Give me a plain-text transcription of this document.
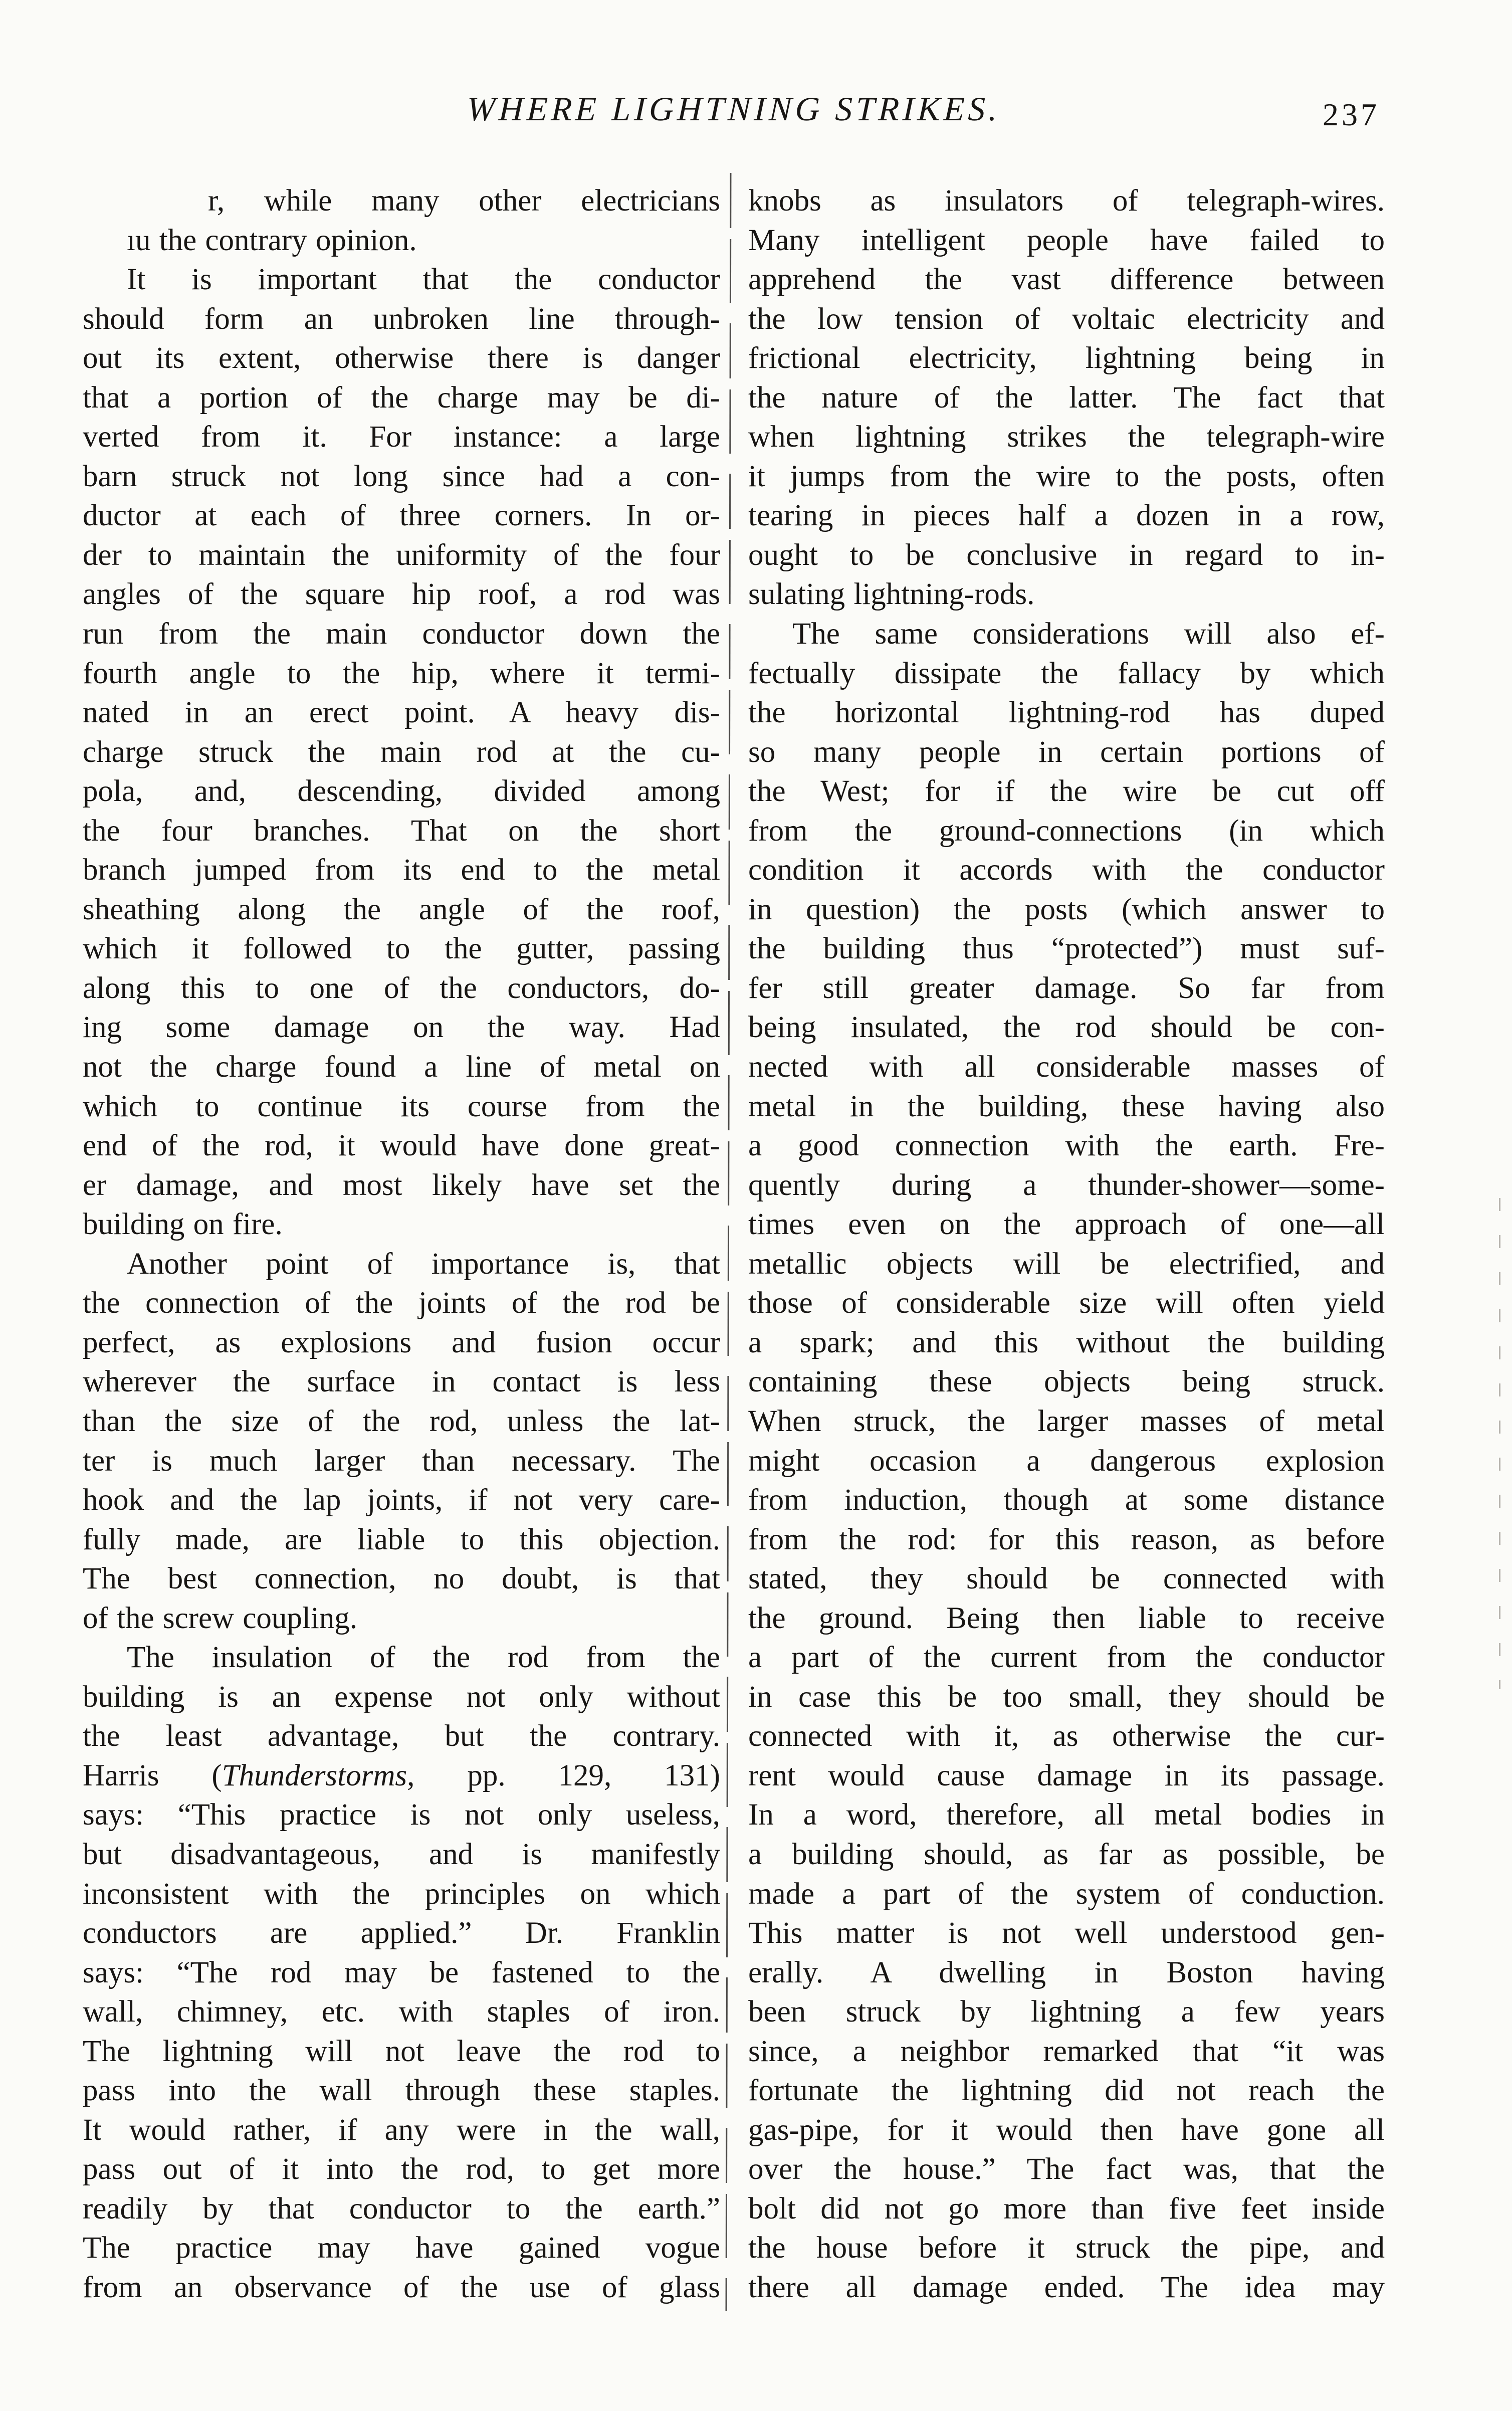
WHERE LIGHTNING STRIKES.	237
r, while many other electricians
ıu the contrary opinion.
It is important that the conductor
should form an unbroken line through-
out its extent, otherwise there is danger
that a portion of the charge may be di-
verted from it. For instance: a large
barn struck not long since had a con-
ductor at each of three corners. In or-
der to maintain the uniformity of the four
angles of the square hip roof, a rod was
run from the main conductor down the
fourth angle to the hip, where it termi-
nated in an erect point. A heavy dis-
charge struck the main rod at the cu-
pola, and, descending, divided among
the four branches. That on the short
branch jumped from its end to the metal
sheathing along the angle of the roof,
which it followed to the gutter, passing
along this to one of the conductors, do-
ing some damage on the way. Had
not the charge found a line of metal on
which to continue its course from the
end of the rod, it would have done great-
er damage, and most likely have set the
building on fire.
Another point of importance is, that
the connection of the joints of the rod be
perfect, as explosions and fusion occur
wherever the surface in contact is less
than the size of the rod, unless the lat-
ter is much larger than necessary. The
hook and the lap joints, if not very care-
fully made, are liable to this objection.
The best connection, no doubt, is that
of the screw coupling.
The insulation of the rod from the
building is an expense not only without
the least advantage, but the contrary.
Harris (Thunderstorms, pp. 129, 131)
says: “This practice is not only useless,
but disadvantageous, and is manifestly
inconsistent with the principles on which
conductors are applied.” Dr. Franklin
says: “The rod may be fastened to the
wall, chimney, etc. with staples of iron.
The lightning will not leave the rod to
pass into the wall through these staples.
It would rather, if any were in the wall,
pass out of it into the rod, to get more
readily by that conductor to the earth.”
The practice may have gained vogue
from an observance of the use of glass
knobs as insulators of telegraph-wires.
Many intelligent people have failed to
apprehend the vast difference between
the low tension of voltaic electricity and
frictional electricity, lightning being in
the nature of the latter. The fact that
when lightning strikes the telegraph-wire
it jumps from the wire to the posts, often
tearing in pieces half a dozen in a row,
ought to be conclusive in regard to in-
sulating lightning-rods.
The same considerations will also ef-
fectually dissipate the fallacy by which
the horizontal lightning-rod has duped
so many people in certain portions of
the West; for if the wire be cut off
from the ground-connections (in which
condition it accords with the conductor
in question) the posts (which answer to
the building thus “protected”) must suf-
fer still greater damage. So far from
being insulated, the rod should be con-
nected with all considerable masses of
metal in the building, these having also
a good connection with the earth. Fre-
quently during a thunder-shower—some-
times even on the approach of one—all
metallic objects will be electrified, and
those of considerable size will often yield
a spark; and this without the building
containing these objects being struck.
When struck, the larger masses of metal
might occasion a dangerous explosion
from induction, though at some distance
from the rod: for this reason, as before
stated, they should be connected with
the ground. Being then liable to receive
a part of the current from the conductor
in case this be too small, they should be
connected with it, as otherwise the cur-
rent would cause damage in its passage.
In a word, therefore, all metal bodies in
a building should, as far as possible, be
made a part of the system of conduction.
This matter is not well understood gen-
erally. A dwelling in Boston having
been struck by lightning a few years
since, a neighbor remarked that “it was
fortunate the lightning did not reach the
gas-pipe, for it would then have gone all
over the house.” The fact was, that the
bolt did not go more than five feet inside
the house before it struck the pipe, and
there all damage ended. The idea may
